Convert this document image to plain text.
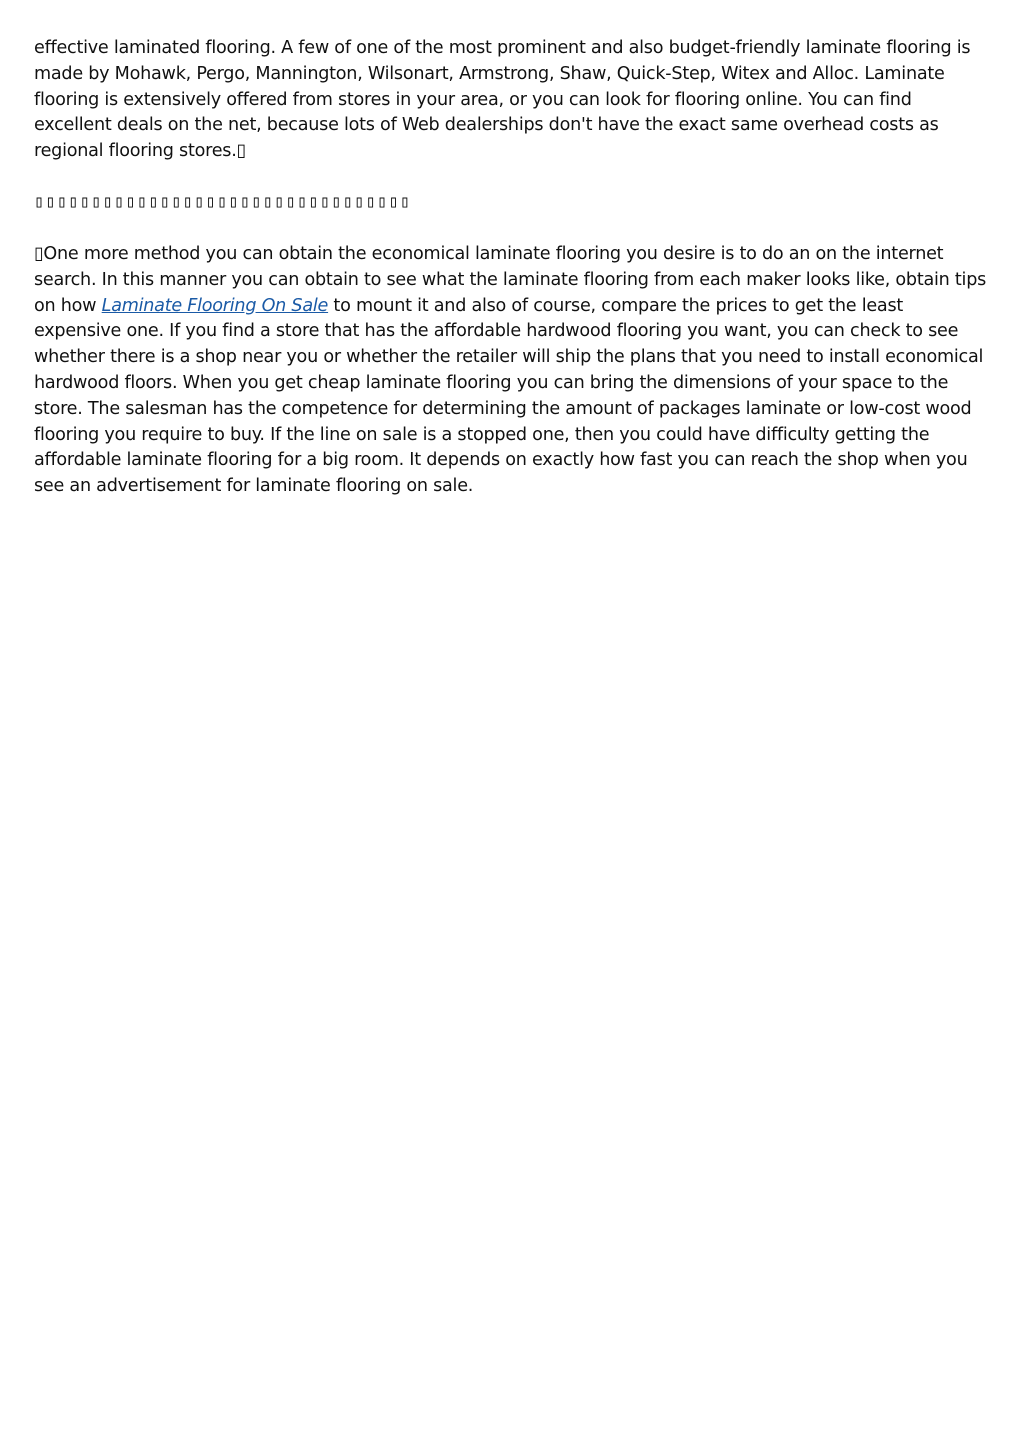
effective laminated flooring. A few of one of the most prominent and also budget-friendly laminate flooring is made by Mohawk, Pergo, Mannington, Wilsonart, Armstrong, Shaw, Quick-Step, Witex and Alloc. Laminate flooring is extensively offered from stores in your area, or you can look for flooring online. You can find excellent deals on the net, because lots of Web dealerships don't have the exact same overhead costs as regional flooring stores.▯

▯▯▯▯▯▯▯▯▯▯▯▯▯▯▯▯▯▯▯▯▯▯▯▯▯▯▯▯▯▯▯▯▯

▯One more method you can obtain the economical laminate flooring you desire is to do an on the internet search. In this manner you can obtain to see what the laminate flooring from each maker looks like, obtain tips on how Laminate Flooring On Sale to mount it and also of course, compare the prices to get the least expensive one. If you find a store that has the affordable hardwood flooring you want, you can check to see whether there is a shop near you or whether the retailer will ship the plans that you need to install economical hardwood floors. When you get cheap laminate flooring you can bring the dimensions of your space to the store. The salesman has the competence for determining the amount of packages laminate or low-cost wood flooring you require to buy. If the line on sale is a stopped one, then you could have difficulty getting the affordable laminate flooring for a big room. It depends on exactly how fast you can reach the shop when you see an advertisement for laminate flooring on sale.
